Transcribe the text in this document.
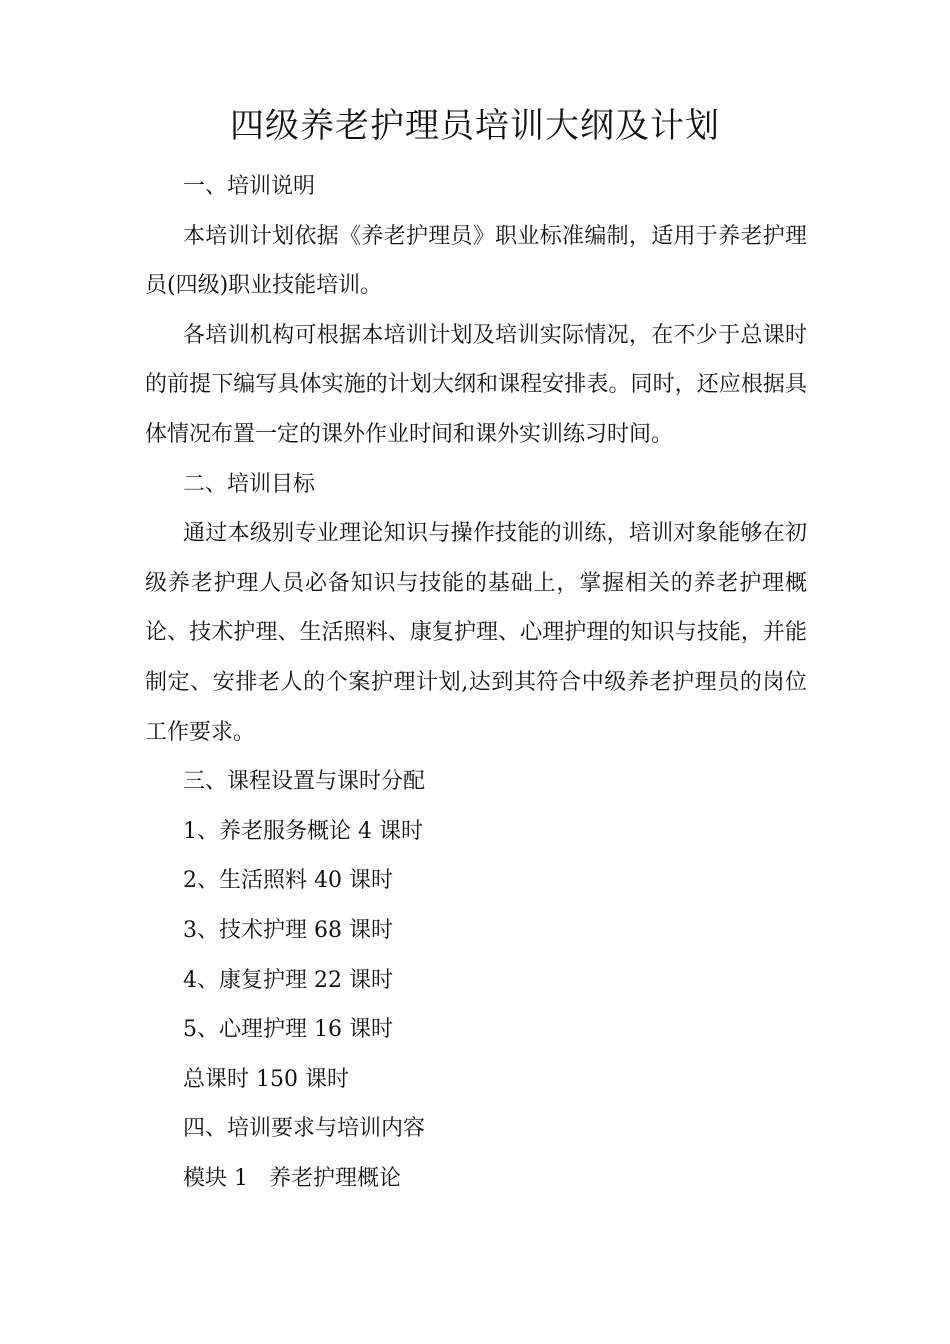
四级养老护理员培训大纲及计划

一、培训说明

本培训计划依据《养老护理员》职业标准编制，适用于养老护理员(四级)职业技能培训。

各培训机构可根据本培训计划及培训实际情况，在不少于总课时的前提下编写具体实施的计划大纲和课程安排表。同时，还应根据具体情况布置一定的课外作业时间和课外实训练习时间。

二、培训目标

通过本级别专业理论知识与操作技能的训练，培训对象能够在初级养老护理人员必备知识与技能的基础上，掌握相关的养老护理概论、技术护理、生活照料、康复护理、心理护理的知识与技能，并能制定、安排老人的个案护理计划,达到其符合中级养老护理员的岗位工作要求。

三、课程设置与课时分配

1、养老服务概论 4 课时

2、生活照料 40 课时

3、技术护理 68 课时

4、康复护理 22 课时

5、心理护理 16 课时

总课时 150 课时

四、培训要求与培训内容

模块 1   养老护理概论
